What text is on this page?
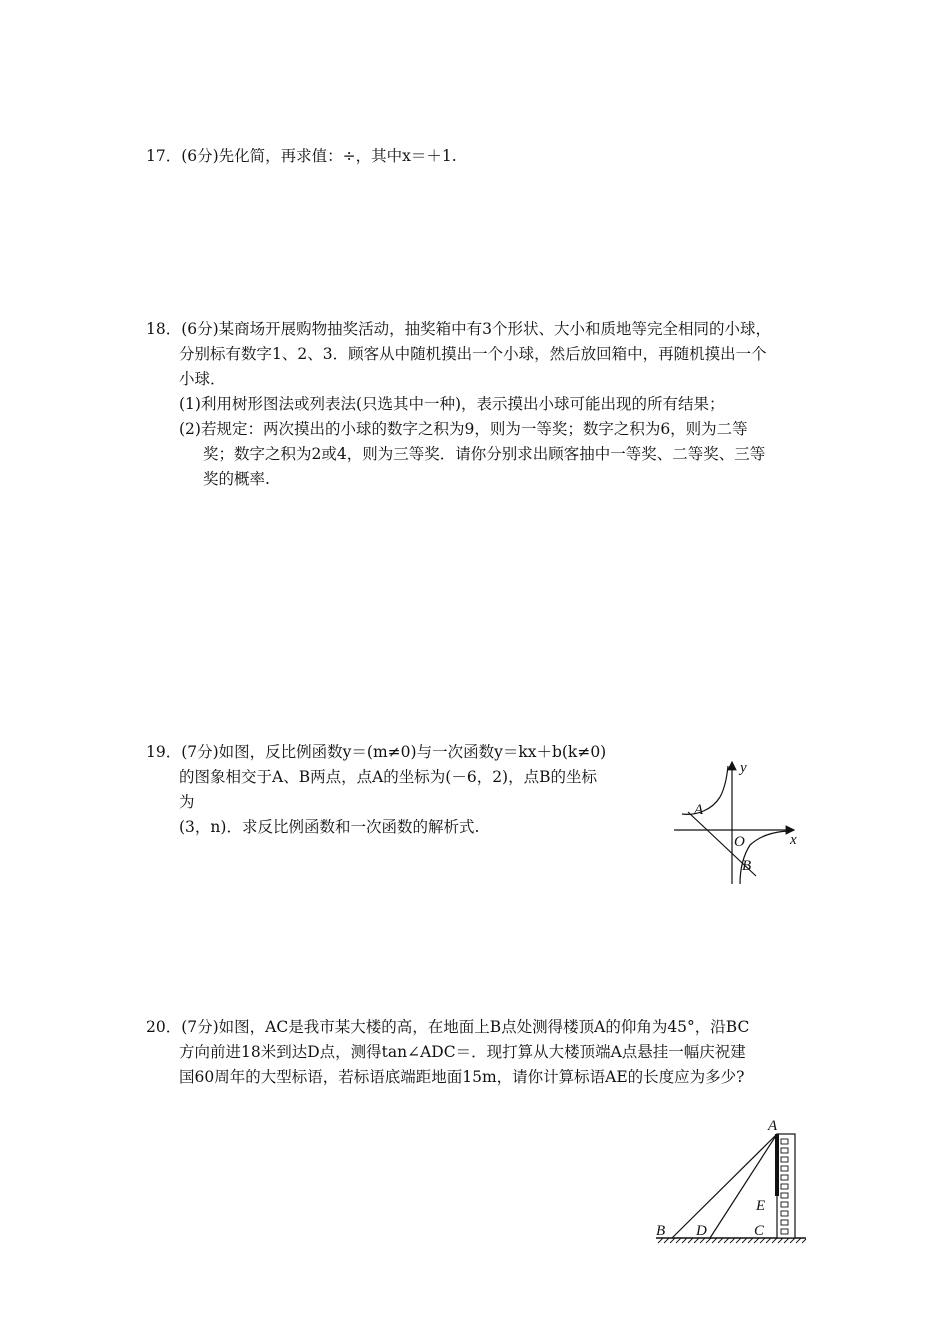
17．(6分)先化简，再求值：÷，其中x＝＋1.
18．(6分)某商场开展购物抽奖活动，抽奖箱中有3个形状、大小和质地等完全相同的小球，
分别标有数字1、2、3．顾客从中随机摸出一个小球，然后放回箱中，再随机摸出一个
小球．
(1)利用树形图法或列表法(只选其中一种)，表示摸出小球可能出现的所有结果；
(2)若规定：两次摸出的小球的数字之积为9，则为一等奖；数字之积为6，则为二等
奖；数字之积为2或4，则为三等奖．请你分别求出顾客抽中一等奖、二等奖、三等
奖的概率.
19．(7分)如图，反比例函数y＝(m≠0)与一次函数y＝kx＋b(k≠0)
的图象相交于A、B两点，点A的坐标为(－6，2)，点B的坐标
为
(3，n)．求反比例函数和一次函数的解析式.
y
x
A
O
B
20．(7分)如图，AC是我市某大楼的高，在地面上B点处测得楼顶A的仰角为45°，沿BC
方向前进18米到达D点，测得tan∠ADC＝．现打算从大楼顶端A点悬挂一幅庆祝建
国60周年的大型标语，若标语底端距地面15m，请你计算标语AE的长度应为多少?
A
E
B D	C
